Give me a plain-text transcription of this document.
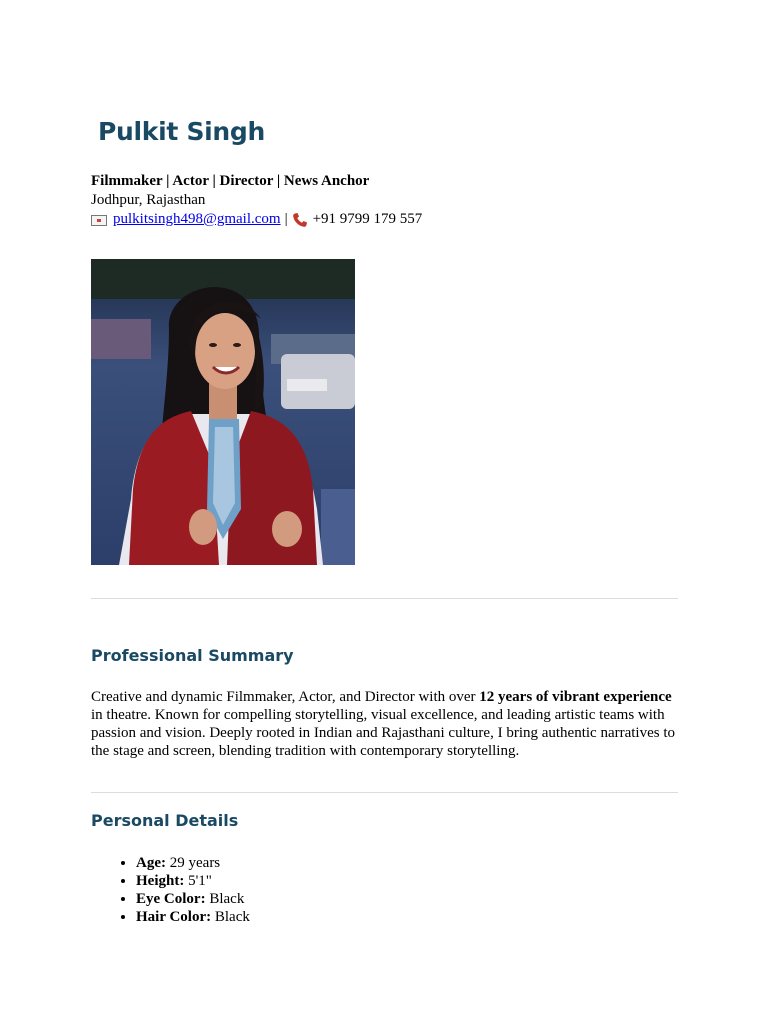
Pulkit Singh
Filmmaker | Actor | Director | News Anchor
Jodhpur, Rajasthan
pulkitsingh498@gmail.com | +91 9799 179 557
Professional Summary

Creative and dynamic Filmmaker, Actor, and Director with over 12 years of vibrant experience in theatre. Known for compelling storytelling, visual excellence, and leading artistic teams with passion and vision. Deeply rooted in Indian and Rajasthani culture, I bring authentic narratives to the stage and screen, blending tradition with contemporary storytelling.

Personal Details
• Age: 29 years
• Height: 5'1"
• Eye Color: Black
• Hair Color: Black
